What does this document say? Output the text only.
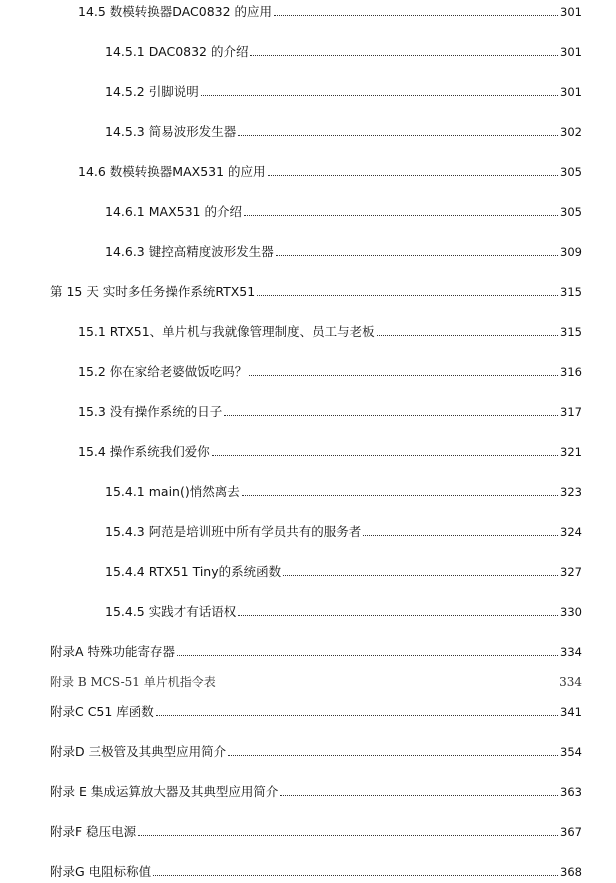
14.5 数模转换器DAC0832 的应用	301
14.5.1 DAC0832 的介绍	301
14.5.2 引脚说明	301
14.5.3 简易波形发生器	302
14.6 数模转换器MAX531 的应用	305
14.6.1 MAX531 的介绍	305
14.6.3 键控高精度波形发生器	309
第 15 天 实时多任务操作系统RTX51	315
15.1 RTX51、单片机与我就像管理制度、员工与老板	315
15.2 你在家给老婆做饭吃吗？	316
15.3 没有操作系统的日子	317
15.4 操作系统我们爱你	321
15.4.1 main()悄然离去	323
15.4.3 阿范是培训班中所有学员共有的服务者	324
15.4.4 RTX51 Tiny的系统函数	327
15.4.5 实践才有话语权	330
附录A 特殊功能寄存器	334
附录 B MCS-51 单片机指令表	334
附录C C51 库函数	341
附录D 三极管及其典型应用简介	354
附录 E 集成运算放大器及其典型应用简介	363
附录F 稳压电源	367
附录G 电阻标称值	368
